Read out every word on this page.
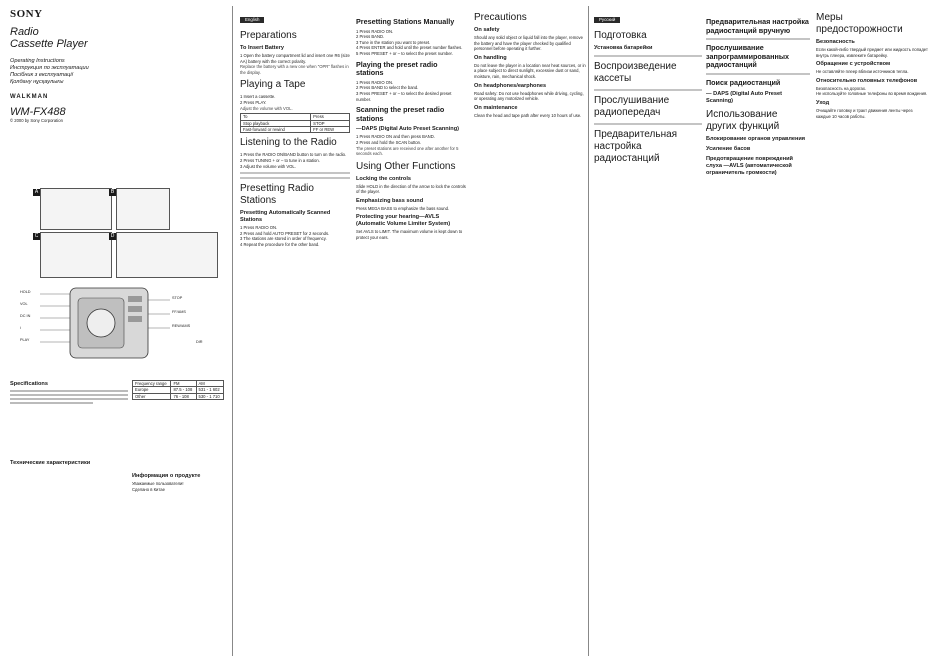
SONY
Radio
Cassette Player
Operating Instructions
Инструкция по эксплуатации
Посібник з експлуатації
Қолдану нұсқаулығы
WALKMAN
WM-FX488
© 2000 by Sony Corporation
Specifications
Технические характеристики
A	B
C	D
HOLD
VOL
DC IN
i
PLAY
STOP
FF/AMS
REW/AMS
DIR
Frequency range	FM	AM
Europe	87.5 - 108	531 - 1 602
Other	76 - 108	530 - 1 710
Информация о продукте
Уважаемые пользователи!
Сделано в Китае
English
Preparations
To Insert Battery
1 Open the battery compartment lid and insert one R6 (size AA) battery with the correct polarity.
Replace the battery with a new one when "OPR" flashes in the display.
Playing a Tape
1 Insert a cassette.
2 Press PLAY.
Adjust the volume with VOL.
To	Press
Stop playback	STOP
Fast-forward or rewind	FF or REW
Listening to the Radio
1 Press the RADIO ON/BAND button to turn on the radio.
2 Press TUNING + or – to tune in a station.
3 Adjust the volume with VOL.
Presetting Radio Stations
Presetting Automatically Scanned Stations
1 Press RADIO ON.
2 Press and hold AUTO PRESET for 2 seconds.
3 The stations are stored in order of frequency.
4 Repeat the procedure for the other band.
Presetting Stations Manually
1 Press RADIO ON.
2 Press BAND.
3 Tune in the station you want to preset.
4 Press ENTER and hold until the preset number flashes.
5 Press PRESET + or – to select the preset number.
Playing the preset radio stations
1 Press RADIO ON.
2 Press BAND to select the band.
3 Press PRESET + or – to select the desired preset number.
Scanning the preset radio stations
—DAPS (Digital Auto Preset Scanning)
1 Press RADIO ON and then press BAND.
2 Press and hold the SCAN button.
The preset stations are received one after another for 5 seconds each.
Using Other Functions
Locking the controls
Slide HOLD in the direction of the arrow to lock the controls of the player.
Emphasizing bass sound
Press MEGA BASS to emphasize the bass sound.
Protecting your hearing—AVLS (Automatic Volume Limiter System)
Set AVLS to LIMIT. The maximum volume is kept down to protect your ears.
Precautions
On safety
Should any solid object or liquid fall into the player, remove the battery and have the player checked by qualified personnel before operating it further.
On handling
Do not leave the player in a location near heat sources, or in a place subject to direct sunlight, excessive dust or sand, moisture, rain, mechanical shock.
On headphones/earphones
Road safety: Do not use headphones while driving, cycling, or operating any motorized vehicle.
On maintenance
Clean the head and tape path after every 10 hours of use.
Русский
Подготовка
Установка батарейки
Воспроизведение кассеты
Прослушивание радиопередач
Предварительная настройка радиостанций
Предварительная настройка радиостанций вручную
Прослушивание запрограммированных радиостанций
Поиск радиостанций
— DAPS (Digital Auto Preset Scanning)
Использование других функций
Блокирование органов управления
Усиление басов
Предотвращение повреждений слуха —AVLS (автоматической ограничитель громкости)
Меры предосторожности
Безопасность
Если какой-либо твердый предмет или жидкость попадет внутрь плеера, извлеките батарейку.
Обращение с устройством
Не оставляйте плеер вблизи источников тепла.
Относительно головных телефонов
Безопасность на дорогах.
Не используйте головные телефоны во время вождения.
Уход
Очищайте головку и тракт движения ленты через каждые 10 часов работы.
